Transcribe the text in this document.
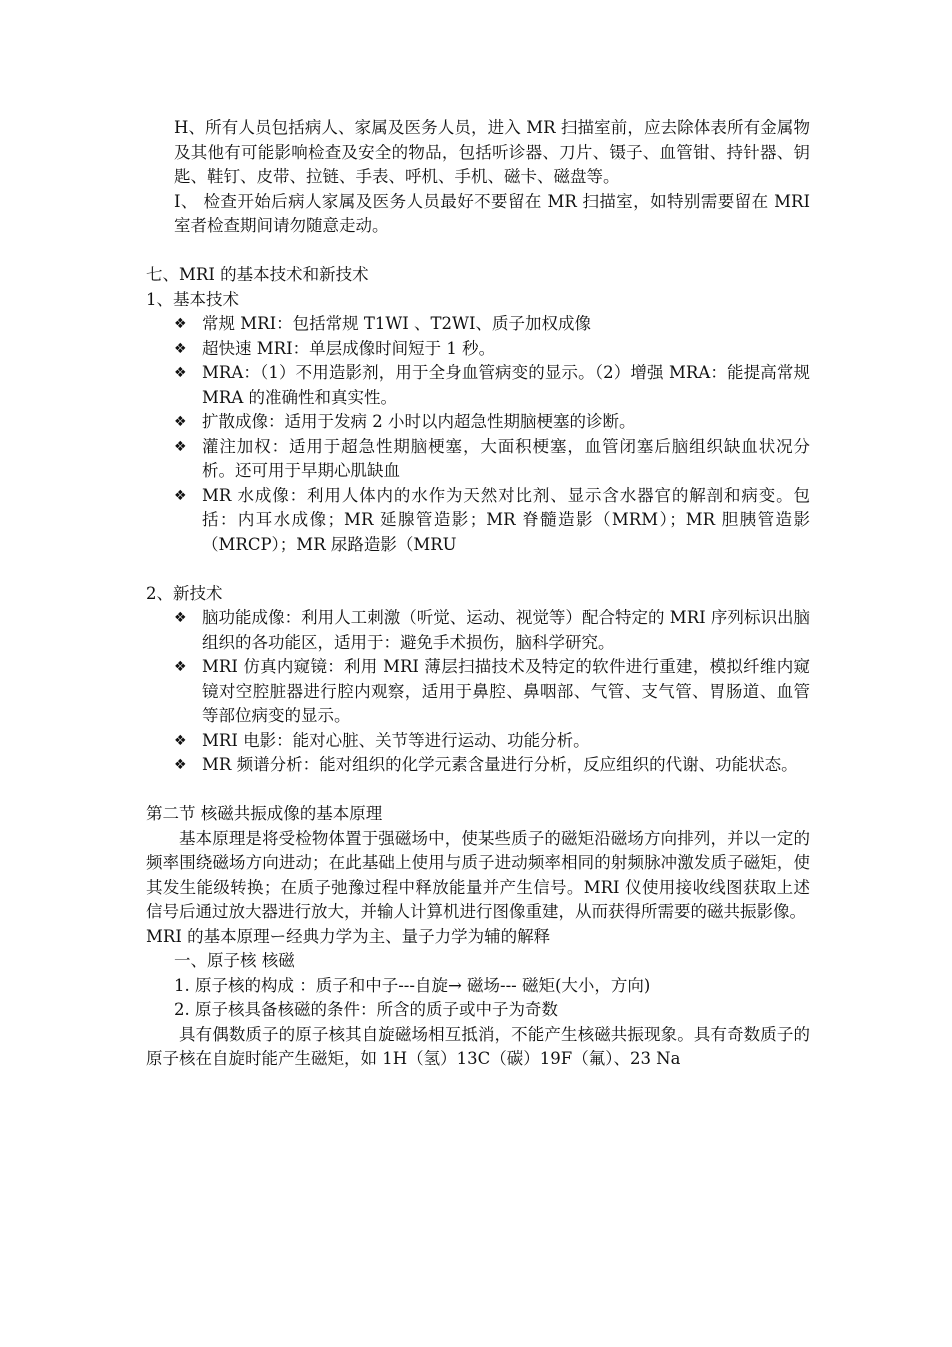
H、所有人员包括病人、家属及医务人员，进入 MR 扫描室前，应去除体表所有金属物及其他有可能影响检查及安全的物品，包括听诊器、刀片、镊子、血管钳、持针器、钥匙、鞋钉、皮带、拉链、手表、呼机、手机、磁卡、磁盘等。

I、 检查开始后病人家属及医务人员最好不要留在 MR 扫描室，如特别需要留在 MRI 室者检查期间请勿随意走动。

七、MRI 的基本技术和新技术

1、基本技术

❖ 常规 MRI：包括常规 T1WI 、T2WI、质子加权成像
❖ 超快速 MRI：单层成像时间短于 1 秒。
❖ MRA：（1）不用造影剂，用于全身血管病变的显示。（2）增强 MRA：能提高常规 MRA 的准确性和真实性。
❖ 扩散成像：适用于发病 2 小时以内超急性期脑梗塞的诊断。
❖ 灌注加权：适用于超急性期脑梗塞，大面积梗塞，血管闭塞后脑组织缺血状况分析。还可用于早期心肌缺血
❖ MR 水成像：利用人体内的水作为天然对比剂、显示含水器官的解剖和病变。包括：内耳水成像；MR 延腺管造影；MR 脊髓造影（MRM）；MR 胆胰管造影（MRCP）；MR 尿路造影（MRU

2、新技术

❖ 脑功能成像：利用人工刺激（听觉、运动、视觉等）配合特定的 MRI 序列标识出脑组织的各功能区，适用于：避免手术损伤，脑科学研究。
❖ MRI 仿真内窥镜：利用 MRI 薄层扫描技术及特定的软件进行重建，模拟纤维内窥镜对空腔脏器进行腔内观察，适用于鼻腔、鼻咽部、气管、支气管、胃肠道、血管等部位病变的显示。
❖ MRI 电影：能对心脏、关节等进行运动、功能分析。
❖ MR 频谱分析：能对组织的化学元素含量进行分析，反应组织的代谢、功能状态。

第二节 核磁共振成像的基本原理

基本原理是将受检物体置于强磁场中，使某些质子的磁矩沿磁场方向排列，并以一定的频率围绕磁场方向进动；在此基础上使用与质子进动频率相同的射频脉冲激发质子磁矩，使其发生能级转换；在质子弛豫过程中释放能量并产生信号。MRI 仪使用接收线图获取上述信号后通过放大器进行放大，并输人计算机进行图像重建，从而获得所需要的磁共振影像。

MRI 的基本原理ー经典力学为主、量子力学为辅的解释

一、原子核 核磁

1. 原子核的构成 ：质子和中子---自旋→ 磁场--- 磁矩(大小，方向)

2. 原子核具备核磁的条件：所含的质子或中子为奇数

具有偶数质子的原子核其自旋磁场相互抵消，不能产生核磁共振现象。具有奇数质子的原子核在自旋时能产生磁矩，如 1H（氢）13C（碳）19F（氟）、23 Na
